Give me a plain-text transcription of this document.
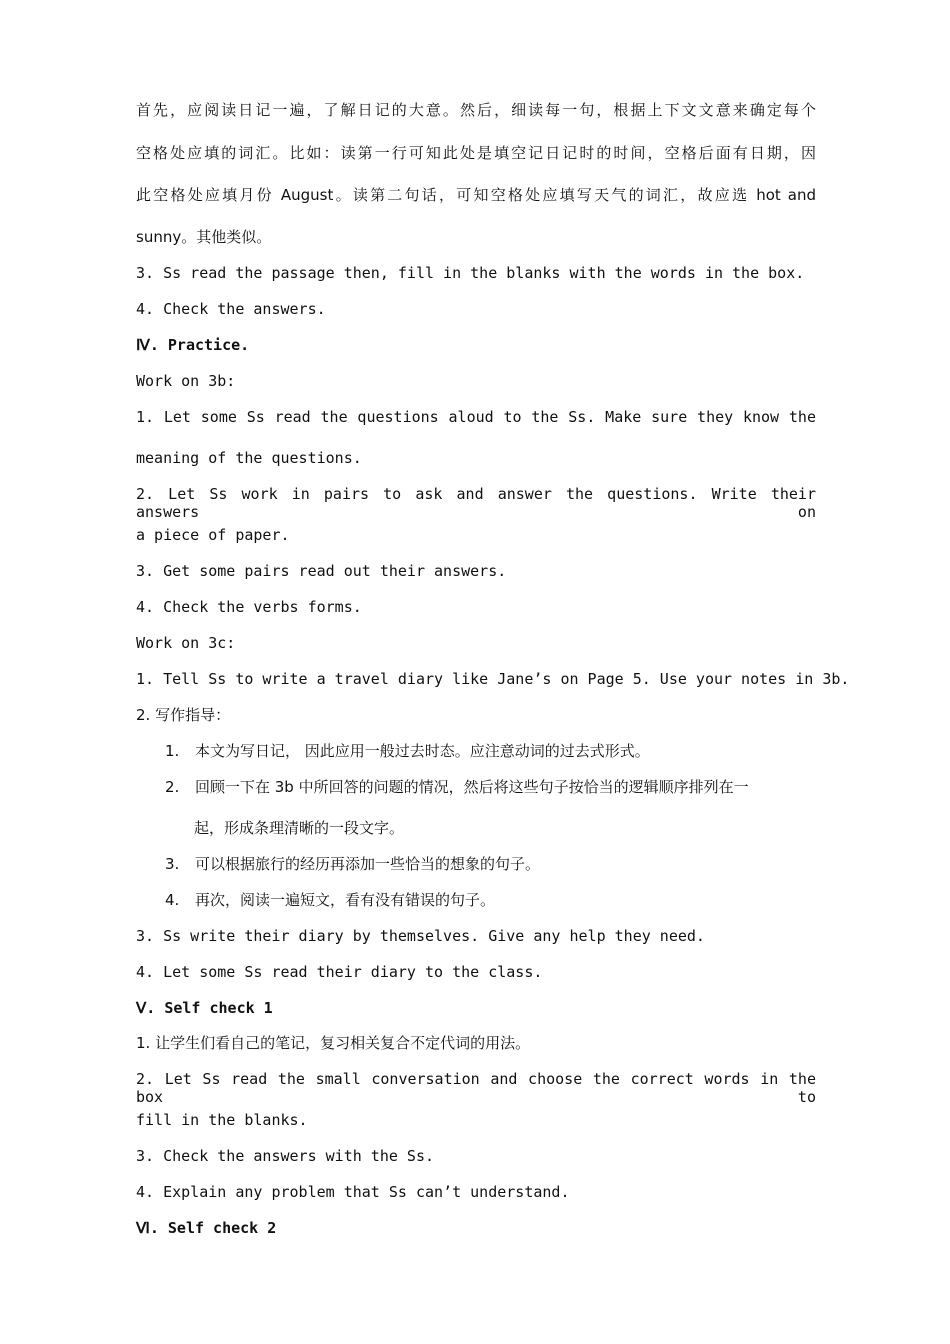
首先，应阅读日记一遍，了解日记的大意。然后，细读每一句，根据上下文文意来确定每个
空格处应填的词汇。比如：读第一行可知此处是填空记日记时的时间，空格后面有日期，因
此空格处应填月份 August。读第二句话，可知空格处应填写天气的词汇，故应选 hot and
sunny。其他类似。
3. Ss read the passage then, fill in the blanks with the words in the box.
4. Check the answers.
Ⅳ. Practice.
Work on 3b:
1. Let some Ss read the questions aloud to the Ss. Make sure they know the
meaning of the questions.
2. Let Ss work in pairs to ask and answer the questions. Write their answers on
a piece of paper.
3. Get some pairs read out their answers.
4. Check the verbs forms.
Work on 3c:
1. Tell Ss to write a travel diary like Jane’s on Page 5. Use your notes in 3b.
2. 写作指导：
1. 本文为写日记， 因此应用一般过去时态。应注意动词的过去式形式。
2. 回顾一下在 3b 中所回答的问题的情况，然后将这些句子按恰当的逻辑顺序排列在一
起，形成条理清晰的一段文字。
3. 可以根据旅行的经历再添加一些恰当的想象的句子。
4. 再次，阅读一遍短文，看有没有错误的句子。
3. Ss write their diary by themselves. Give any help they need.
4. Let some Ss read their diary to the class.
Ⅴ. Self check 1
1. 让学生们看自己的笔记，复习相关复合不定代词的用法。
2. Let Ss read the small conversation and choose the correct words in the box to
fill in the blanks.
3. Check the answers with the Ss.
4. Explain any problem that Ss can’t understand.
Ⅵ. Self check 2
